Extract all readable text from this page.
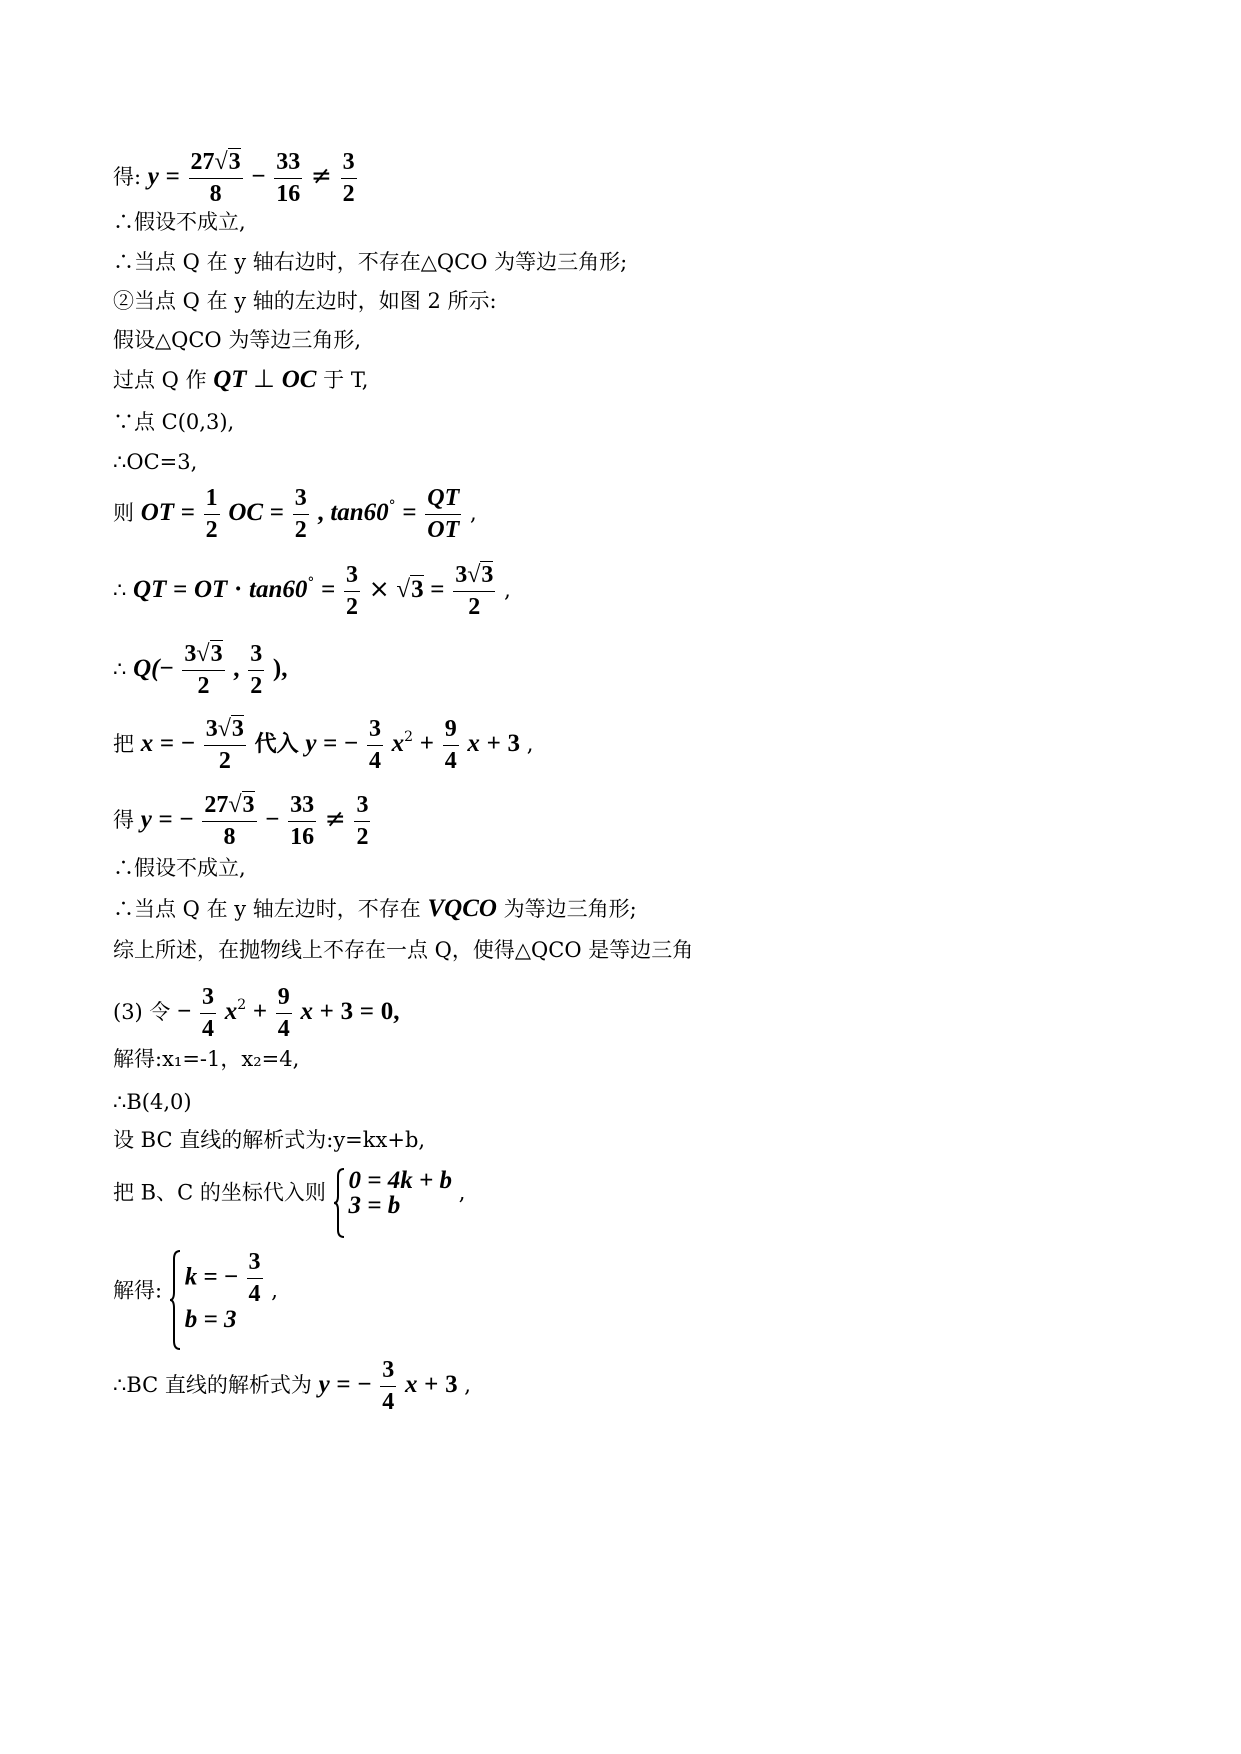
得: $y = \frac{27√3}{8} - \frac{33}{16} \ne \frac{3}{2}$
∴假设不成立,
∴当点 Q 在 y 轴右边时，不存在△QCO 为等边三角形;
②当点 Q 在 y 轴的左边时，如图 2 所示:
假设△QCO 为等边三角形,
过点 Q 作 QT ⊥ OC 于 T,
∵点 C(0,3),
∴OC=3,
则 OT = $\frac{1}{2}$ OC = $\frac{3}{2}$ , $\tan 60^\circ = \frac{QT}{OT}$ ,
∴ QT = OT · $\tan 60^\circ = \frac{3}{2} \times √3 = \frac{3√3}{2}$ ,
∴ $Q(- \frac{3√3}{2}$ , $\frac{3}{2}$ ),
把 x = − $\frac{3√3}{2}$ 代入 y = − $\frac{3}{4} x^2 + \frac{9}{4}$ x + 3 ,
得 y = − $\frac{27√3}{8} - \frac{33}{16} \ne \frac{3}{2}$
∴假设不成立,
∴当点 Q 在 y 轴左边时，不存在 VQCO 为等边三角形;
综上所述，在抛物线上不存在一点 Q，使得△QCO 是等边三角
(3) 令 − $\frac{3}{4} x^2 + \frac{9}{4}$ x + 3 = 0,
解得:x₁=-1，x₂=4,
∴B(4,0)
设 BC 直线的解析式为:y=kx+b,
把 B、C 的坐标代入则 0 = 4k + b
3 = b	,
解得:
k = − $\frac{3}{4}$
b = 3
,
∴BC 直线的解析式为 y = − $\frac{3}{4}$ x + 3 ,
